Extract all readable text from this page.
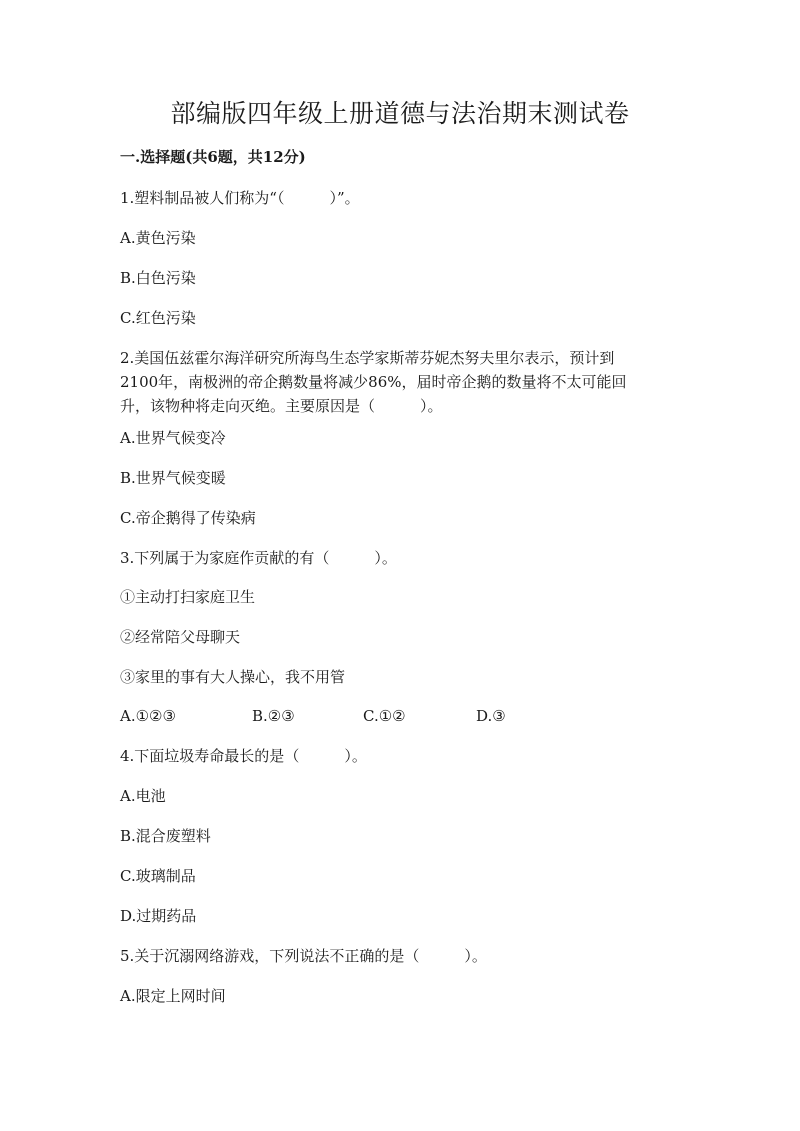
部编版四年级上册道德与法治期末测试卷
一.选择题(共6题，共12分)
1.塑料制品被人们称为“（　　　）”。
A.黄色污染
B.白色污染
C.红色污染
2.美国伍兹霍尔海洋研究所海鸟生态学家斯蒂芬妮杰努夫里尔表示，预计到
2100年，南极洲的帝企鹅数量将减少86%，届时帝企鹅的数量将不太可能回
升，该物种将走向灭绝。主要原因是（　　　）。
A.世界气候变冷
B.世界气候变暖
C.帝企鹅得了传染病
3.下列属于为家庭作贡献的有（　　　）。
①主动打扫家庭卫生
②经常陪父母聊天
③家里的事有大人操心，我不用管
A.①②③	B.②③	C.①②	D.③
4.下面垃圾寿命最长的是（　　　）。
A.电池
B.混合废塑料
C.玻璃制品
D.过期药品
5.关于沉溺网络游戏，下列说法不正确的是（　　　）。
A.限定上网时间
